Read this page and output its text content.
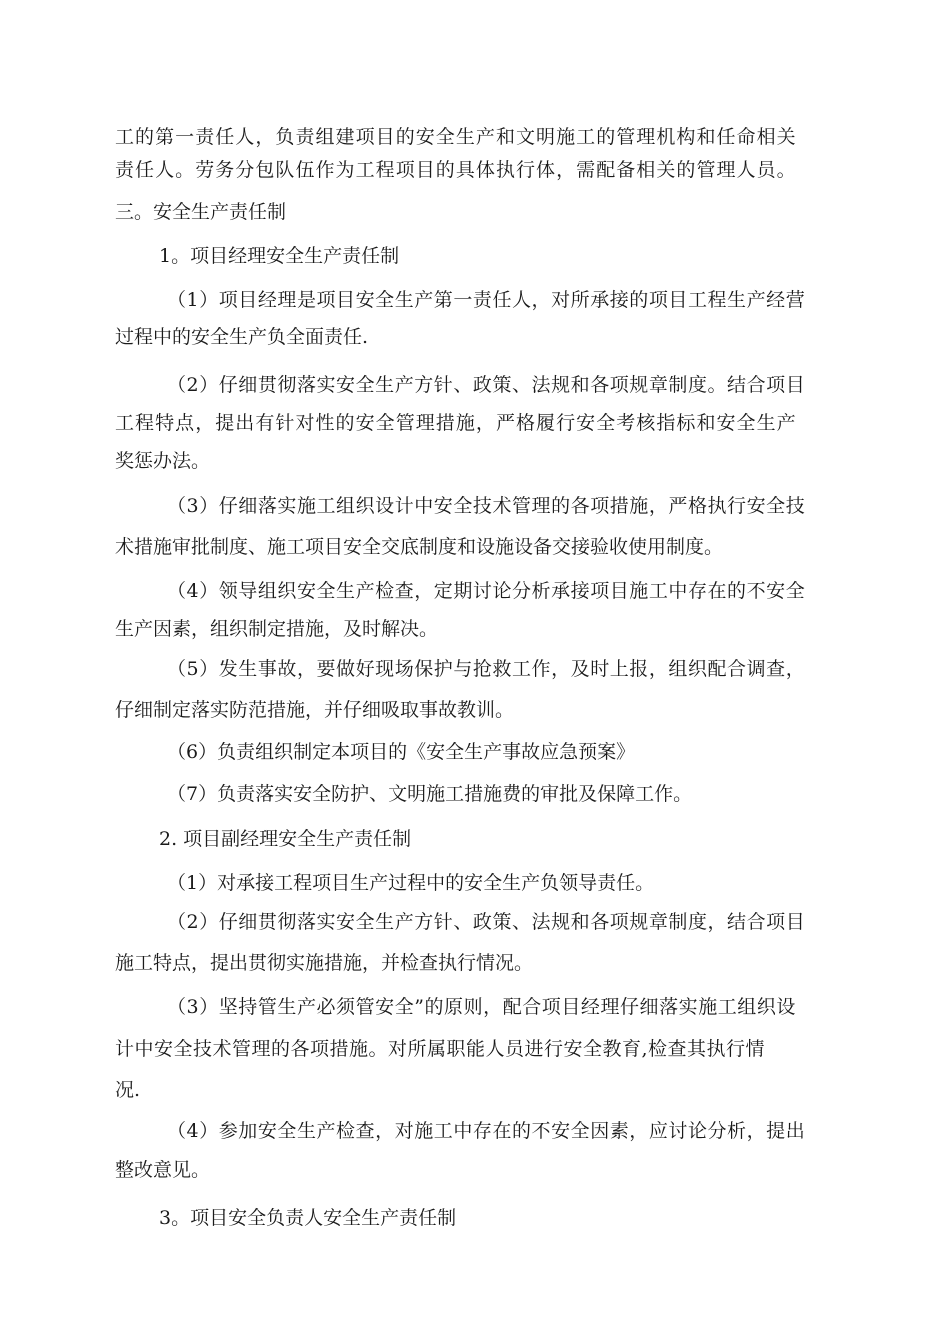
工的第一责任人，负责组建项目的安全生产和文明施工的管理机构和任命相关

责任人。劳务分包队伍作为工程项目的具体执行体，需配备相关的管理人员。

三。安全生产责任制

1。项目经理安全生产责任制

（1）项目经理是项目安全生产第一责任人，对所承接的项目工程生产经营

过程中的安全生产负全面责任.

（2）仔细贯彻落实安全生产方针、政策、法规和各项规章制度。结合项目

工程特点，提出有针对性的安全管理措施，严格履行安全考核指标和安全生产

奖惩办法。

（3）仔细落实施工组织设计中安全技术管理的各项措施，严格执行安全技

术措施审批制度、施工项目安全交底制度和设施设备交接验收使用制度。

（4）领导组织安全生产检查，定期讨论分析承接项目施工中存在的不安全

生产因素，组织制定措施，及时解决。

（5）发生事故，要做好现场保护与抢救工作，及时上报，组织配合调查，

仔细制定落实防范措施，并仔细吸取事故教训。

（6）负责组织制定本项目的《安全生产事故应急预案》

（7）负责落实安全防护、文明施工措施费的审批及保障工作。

2. 项目副经理安全生产责任制

（1）对承接工程项目生产过程中的安全生产负领导责任。

（2）仔细贯彻落实安全生产方针、政策、法规和各项规章制度，结合项目

施工特点，提出贯彻实施措施，并检查执行情况。

（3）坚持管生产必须管安全”的原则，配合项目经理仔细落实施工组织设

计中安全技术管理的各项措施。对所属职能人员进行安全教育,检查其执行情

况.

（4）参加安全生产检查，对施工中存在的不安全因素，应讨论分析，提出

整改意见。

3。项目安全负责人安全生产责任制
